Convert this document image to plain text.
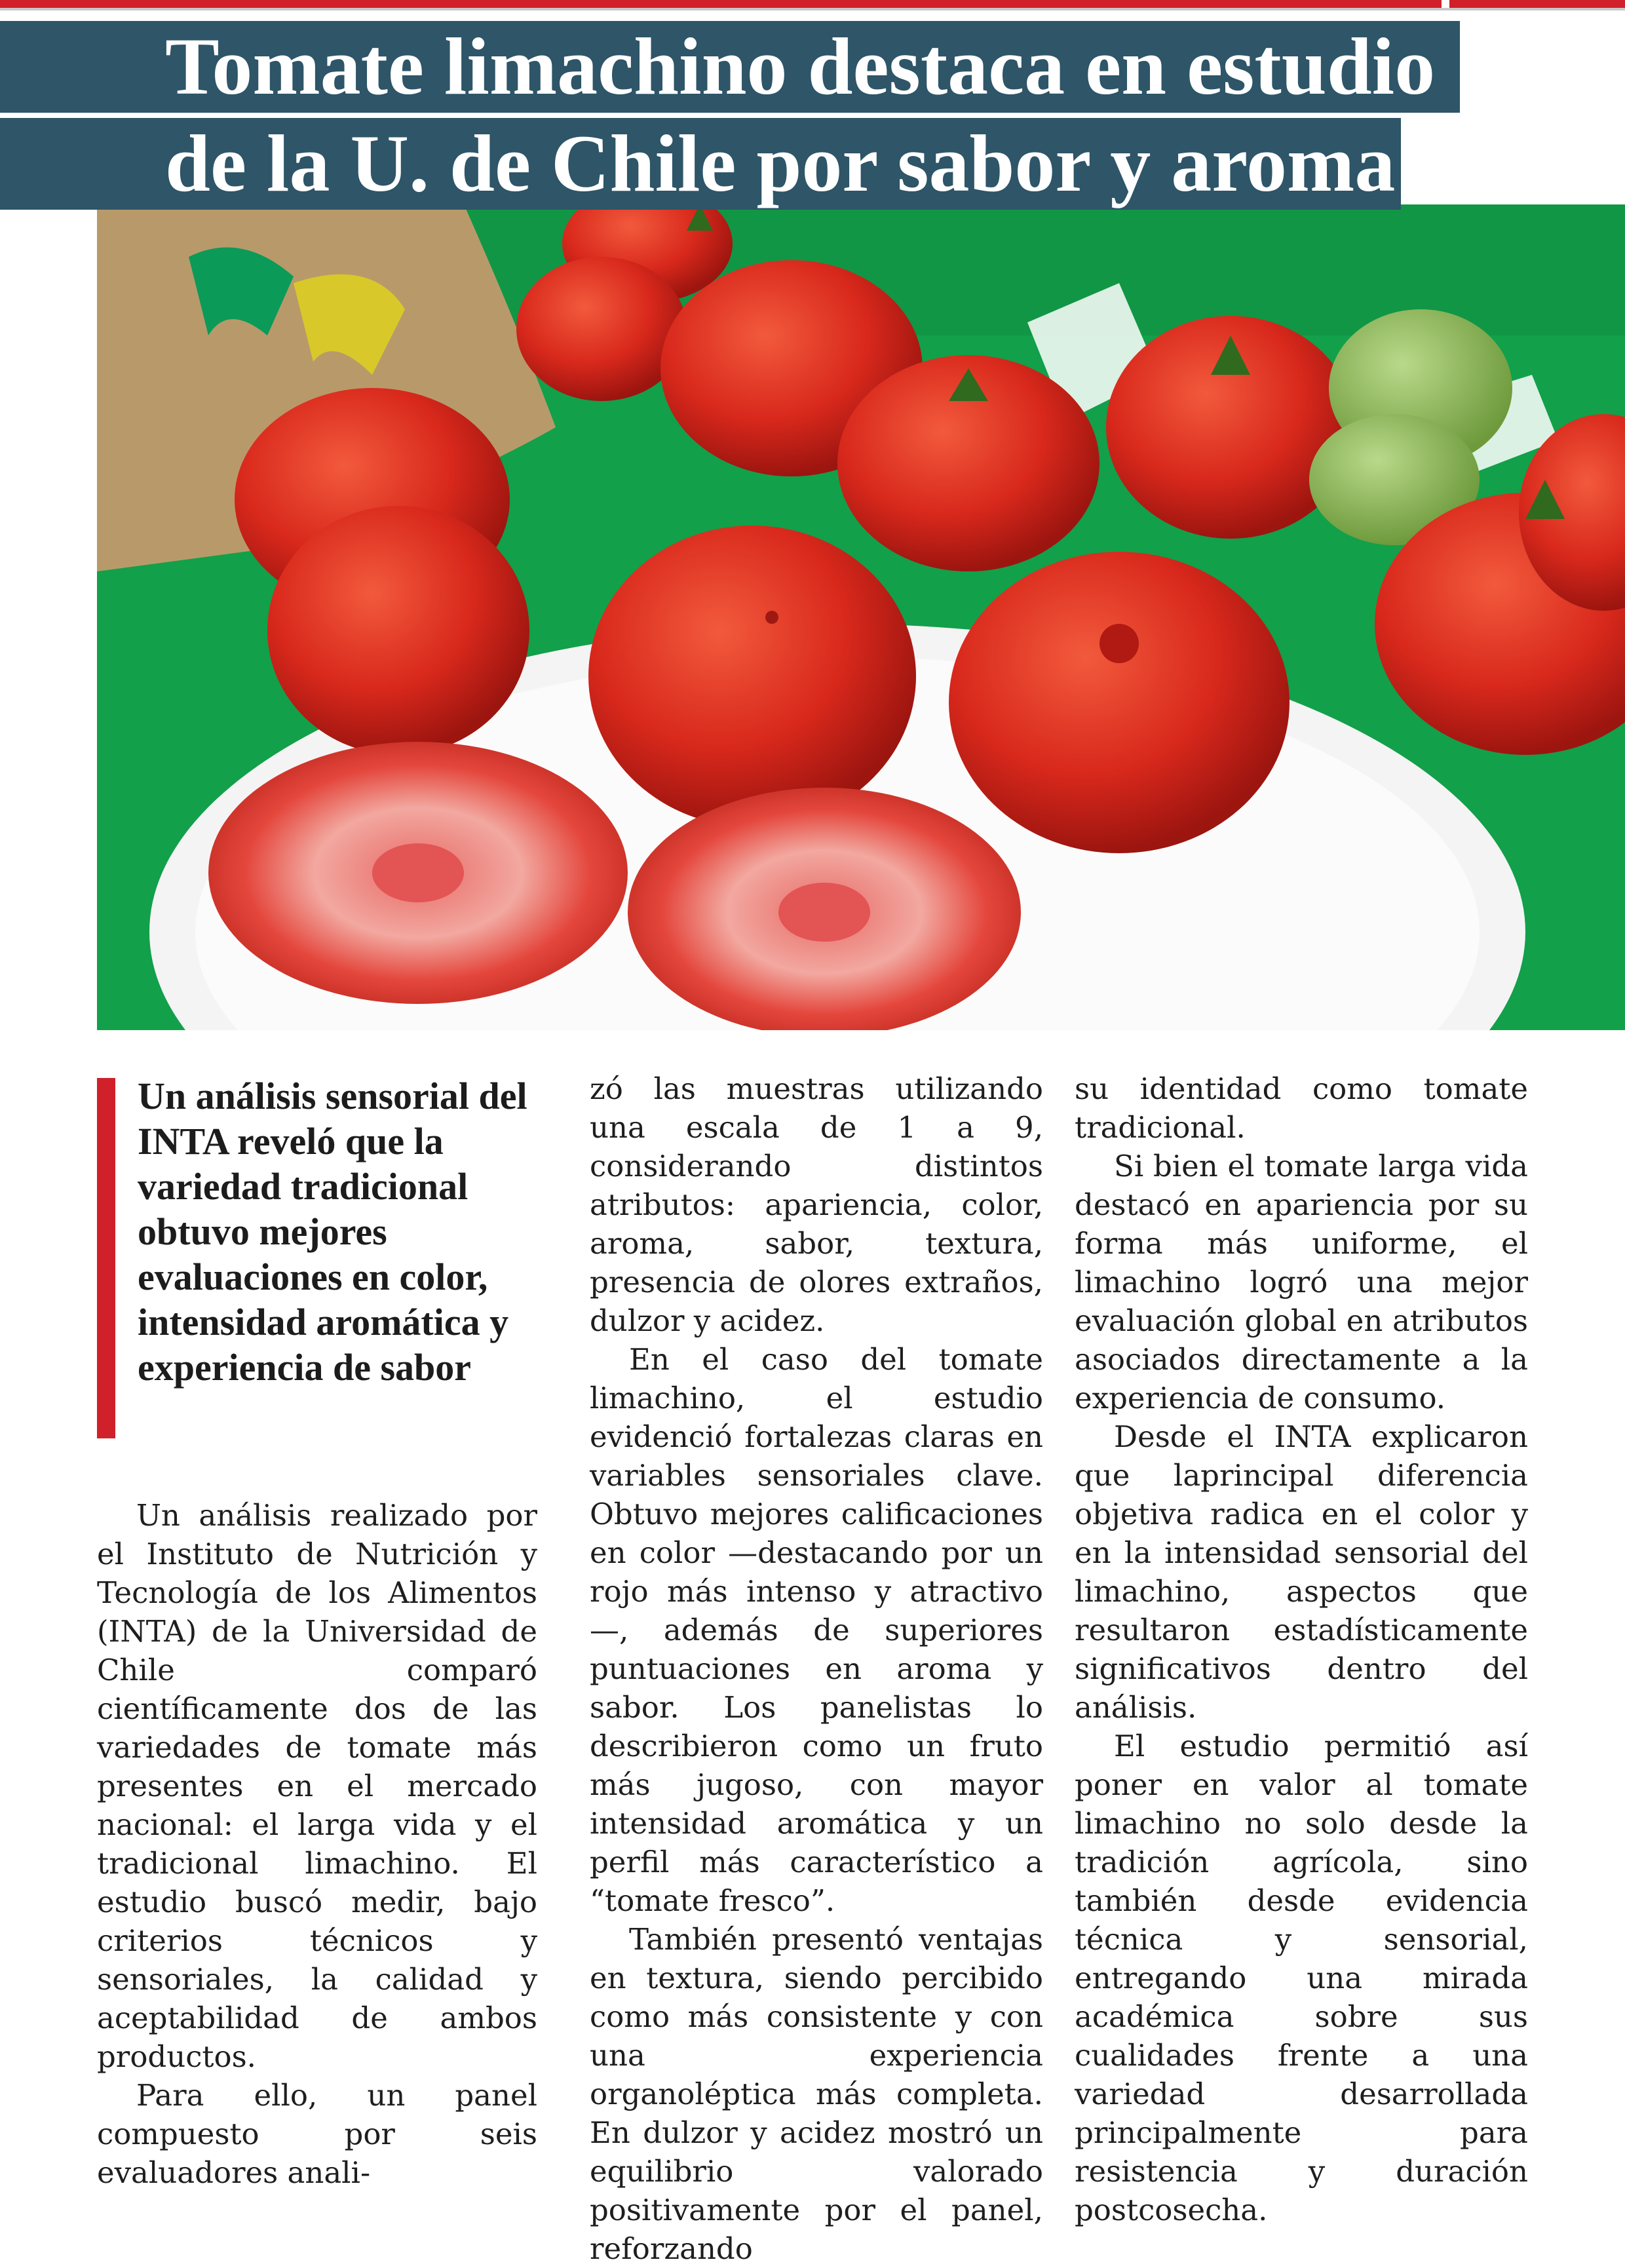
Tomate limachino destaca en estudio
de la U. de Chile por sabor y aroma
Un análisis sensorial del INTA reveló que la variedad tradicional obtuvo mejores evaluaciones en color, intensidad aromática y experiencia de sabor

Un análisis realizado por el Instituto de Nutrición y Tecnología de los Alimentos (INTA) de la Universidad de Chile comparó científicamente dos de las variedades de tomate más presentes en el mercado nacional: el larga vida y el tradicional limachino. El estudio buscó medir, bajo criterios técnicos y sensoriales, la calidad y aceptabilidad de ambos productos.

Para ello, un panel compuesto por seis evaluadores anali-

zó las muestras utilizando una escala de 1 a 9, considerando distintos atributos: apariencia, color, aroma, sabor, textura, presencia de olores extraños, dulzor y acidez.

En el caso del tomate limachino, el estudio evidenció fortalezas claras en variables sensoriales clave. Obtuvo mejores calificaciones en color —destacando por un rojo más intenso y atractivo—, además de superiores puntuaciones en aroma y sabor. Los panelistas lo describieron como un fruto más jugoso, con mayor intensidad aromática y un perfil más característico a “tomate fresco”.

También presentó ventajas en textura, siendo percibido como más consistente y con una experiencia organoléptica más completa. En dulzor y acidez mostró un equilibrio valorado positivamente por el panel, reforzando

su identidad como tomate tradicional.

Si bien el tomate larga vida destacó en apariencia por su forma más uniforme, el limachino logró una mejor evaluación global en atributos asociados directamente a la experiencia de consumo.

Desde el INTA explicaron que laprincipal diferencia objetiva radica en el color y en la intensidad sensorial del limachino, aspectos que resultaron estadísticamente significativos dentro del análisis.

El estudio permitió así poner en valor al tomate limachino no solo desde la tradición agrícola, sino también desde evidencia técnica y sensorial, entregando una mirada académica sobre sus cualidades frente a una variedad desarrollada principalmente para resistencia y duración postcosecha.
